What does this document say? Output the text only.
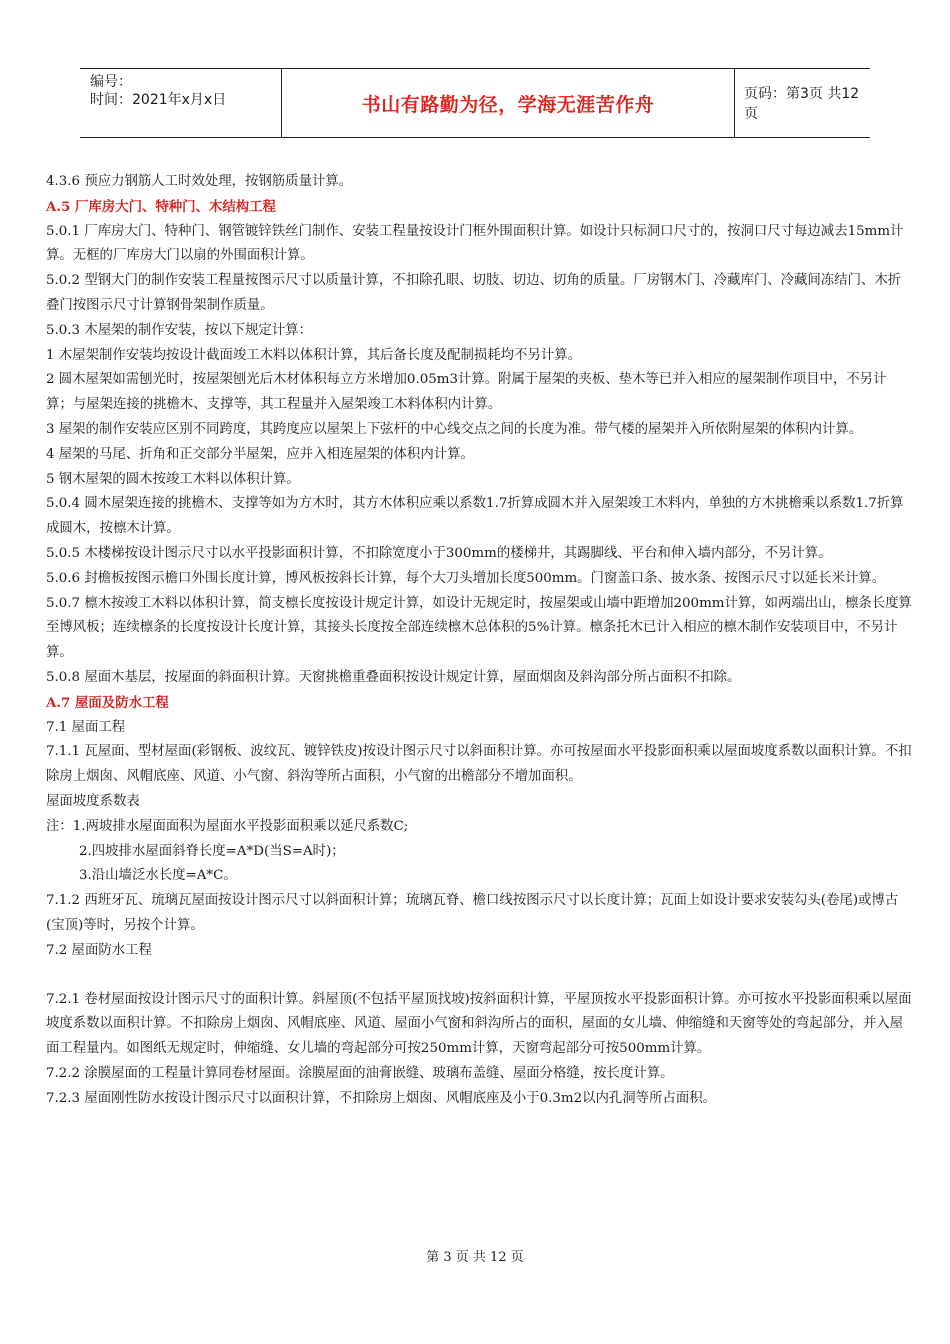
编号：
时间：2021年x月x日	书山有路勤为径，学海无涯苦作舟	页码：第3页 共12页

4.3.6 预应力钢筋人工时效处理，按钢筋质量计算。

A.5 厂库房大门、特种门、木结构工程

5.0.1 厂库房大门、特种门、钢管镀锌铁丝门制作、安装工程量按设计门框外围面积计算。如设计只标洞口尺寸的，按洞口尺寸每边减去15mm计算。无框的厂库房大门以扇的外围面积计算。

5.0.2 型钢大门的制作安装工程量按图示尺寸以质量计算，不扣除孔眼、切肢、切边、切角的质量。厂房钢木门、冷藏库门、冷藏间冻结门、木折叠门按图示尺寸计算钢骨架制作质量。

5.0.3 木屋架的制作安装，按以下规定计算：

1 木屋架制作安装均按设计截面竣工木料以体积计算，其后备长度及配制损耗均不另计算。

2 圆木屋架如需刨光时，按屋架刨光后木材体积每立方米增加0.05m3计算。附属于屋架的夹板、垫木等已并入相应的屋架制作项目中，不另计算；与屋架连接的挑檐木、支撑等，其工程量并入屋架竣工木料体积内计算。

3 屋架的制作安装应区别不同跨度，其跨度应以屋架上下弦杆的中心线交点之间的长度为准。带气楼的屋架并入所依附屋架的体积内计算。

4 屋架的马尾、折角和正交部分半屋架，应并入相连屋架的体积内计算。

5 钢木屋架的圆木按竣工木料以体积计算。

5.0.4 圆木屋架连接的挑檐木、支撑等如为方木时，其方木体积应乘以系数1.7折算成圆木并入屋架竣工木料内，单独的方木挑檐乘以系数1.7折算成圆木，按檩木计算。

5.0.5 木楼梯按设计图示尺寸以水平投影面积计算，不扣除宽度小于300mm的楼梯井，其踢脚线、平台和伸入墙内部分，不另计算。

5.0.6 封檐板按图示檐口外围长度计算，博风板按斜长计算，每个大刀头增加长度500mm。门窗盖口条、披水条、按图示尺寸以延长米计算。

5.0.7 檩木按竣工木料以体积计算，简支檩长度按设计规定计算，如设计无规定时，按屋架或山墙中距增加200mm计算，如两端出山，檩条长度算至博风板；连续檩条的长度按设计长度计算，其接头长度按全部连续檩木总体积的5%计算。檩条托木已计入相应的檩木制作安装项目中，不另计算。

5.0.8 屋面木基层，按屋面的斜面积计算。天窗挑檐重叠面积按设计规定计算，屋面烟囱及斜沟部分所占面积不扣除。

A.7 屋面及防水工程

7.1 屋面工程

7.1.1 瓦屋面、型材屋面(彩钢板、波纹瓦、镀锌铁皮)按设计图示尺寸以斜面积计算。亦可按屋面水平投影面积乘以屋面坡度系数以面积计算。不扣除房上烟囱、风帽底座、风道、小气窗、斜沟等所占面积，小气窗的出檐部分不增加面积。

屋面坡度系数表

注：1.两坡排水屋面面积为屋面水平投影面积乘以延尺系数C;

2.四坡排水屋面斜脊长度=A*D(当S=A时)；

3.沿山墙泛水长度=A*C。

7.1.2 西班牙瓦、琉璃瓦屋面按设计图示尺寸以斜面积计算；琉璃瓦脊、檐口线按图示尺寸以长度计算；瓦面上如设计要求安装勾头(卷尾)或博古(宝顶)等时，另按个计算。

7.2 屋面防水工程

7.2.1 卷材屋面按设计图示尺寸的面积计算。斜屋顶(不包括平屋顶找坡)按斜面积计算，平屋顶按水平投影面积计算。亦可按水平投影面积乘以屋面坡度系数以面积计算。不扣除房上烟囱、风帽底座、风道、屋面小气窗和斜沟所占的面积，屋面的女儿墙、伸缩缝和天窗等处的弯起部分，并入屋面工程量内。如图纸无规定时，伸缩缝、女儿墙的弯起部分可按250mm计算，天窗弯起部分可按500mm计算。

7.2.2 涂膜屋面的工程量计算同卷材屋面。涂膜屋面的油膏嵌缝、玻璃布盖缝、屋面分格缝，按长度计算。

7.2.3 屋面刚性防水按设计图示尺寸以面积计算，不扣除房上烟囱、风帽底座及小于0.3m2以内孔洞等所占面积。

第 3 页 共 12 页
